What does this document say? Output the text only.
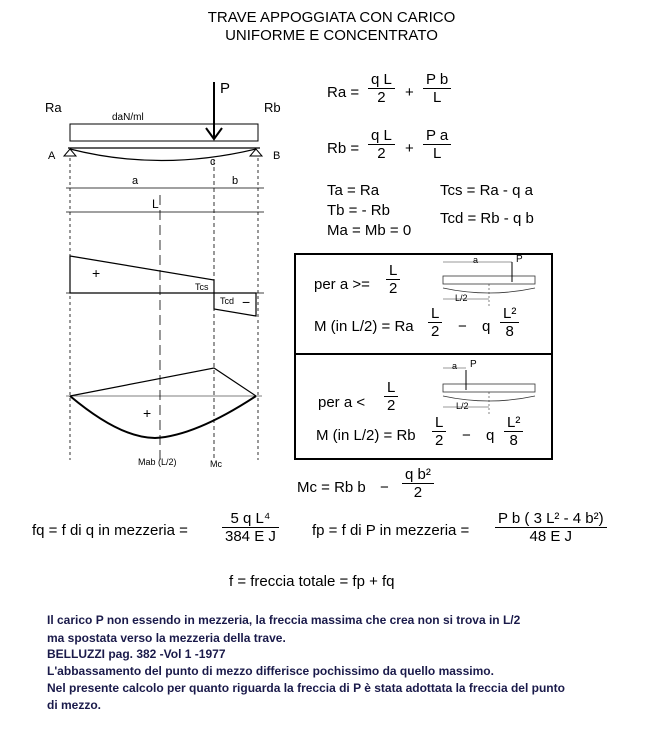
TRAVE APPOGGIATA CON CARICO
UNIFORME E CONCENTRATO
P
Ra	Rb
daN/ml
A	B
c
a	b
L
+
Tcs
Tcd −
+
Mab (L/2)	Mc
$Ra = \frac{\text{q L}}{2} + \frac{\text{P b}}{L}$
$Rb = \frac{\text{q L}}{2} + \frac{\text{P a}}{L}$
Ta = Ra
Tb = - Rb
Ma = Mb = 0
Tcs = Ra - q a
Tcd = Rb - q b
per $a >= \frac{L}{2}$
M (in L/2) = Ra $\frac{L}{2} - q \frac{\text{L²}}{8}$
a	P
L/2
per $a < \frac{L}{2}$
M (in L/2) = Rb $\frac{L}{2} - q \frac{\text{L²}}{8}$
a P
L/2
Mc = Rb $b - \frac{\text{q b²}}{2}$
fq = f di q in mezzeria = $\frac{\text{5 q L⁴}}{\text{384 E J}}$ fp = f di P in mezzeria = $\frac{\text{P b ( 3 L² - 4 b²)}}{\text{48 E J}}$
f = freccia totale = fp + fq
Il carico P non essendo in mezzeria, la freccia massima che crea non si trova in L/2
ma spostata verso la mezzeria della trave.
BELLUZZI pag. 382 -Vol 1 -1977
L'abbassamento del punto di mezzo differisce pochissimo da quello massimo.
Nel presente calcolo per quanto riguarda la freccia di P è stata adottata la freccia del punto
di mezzo.
